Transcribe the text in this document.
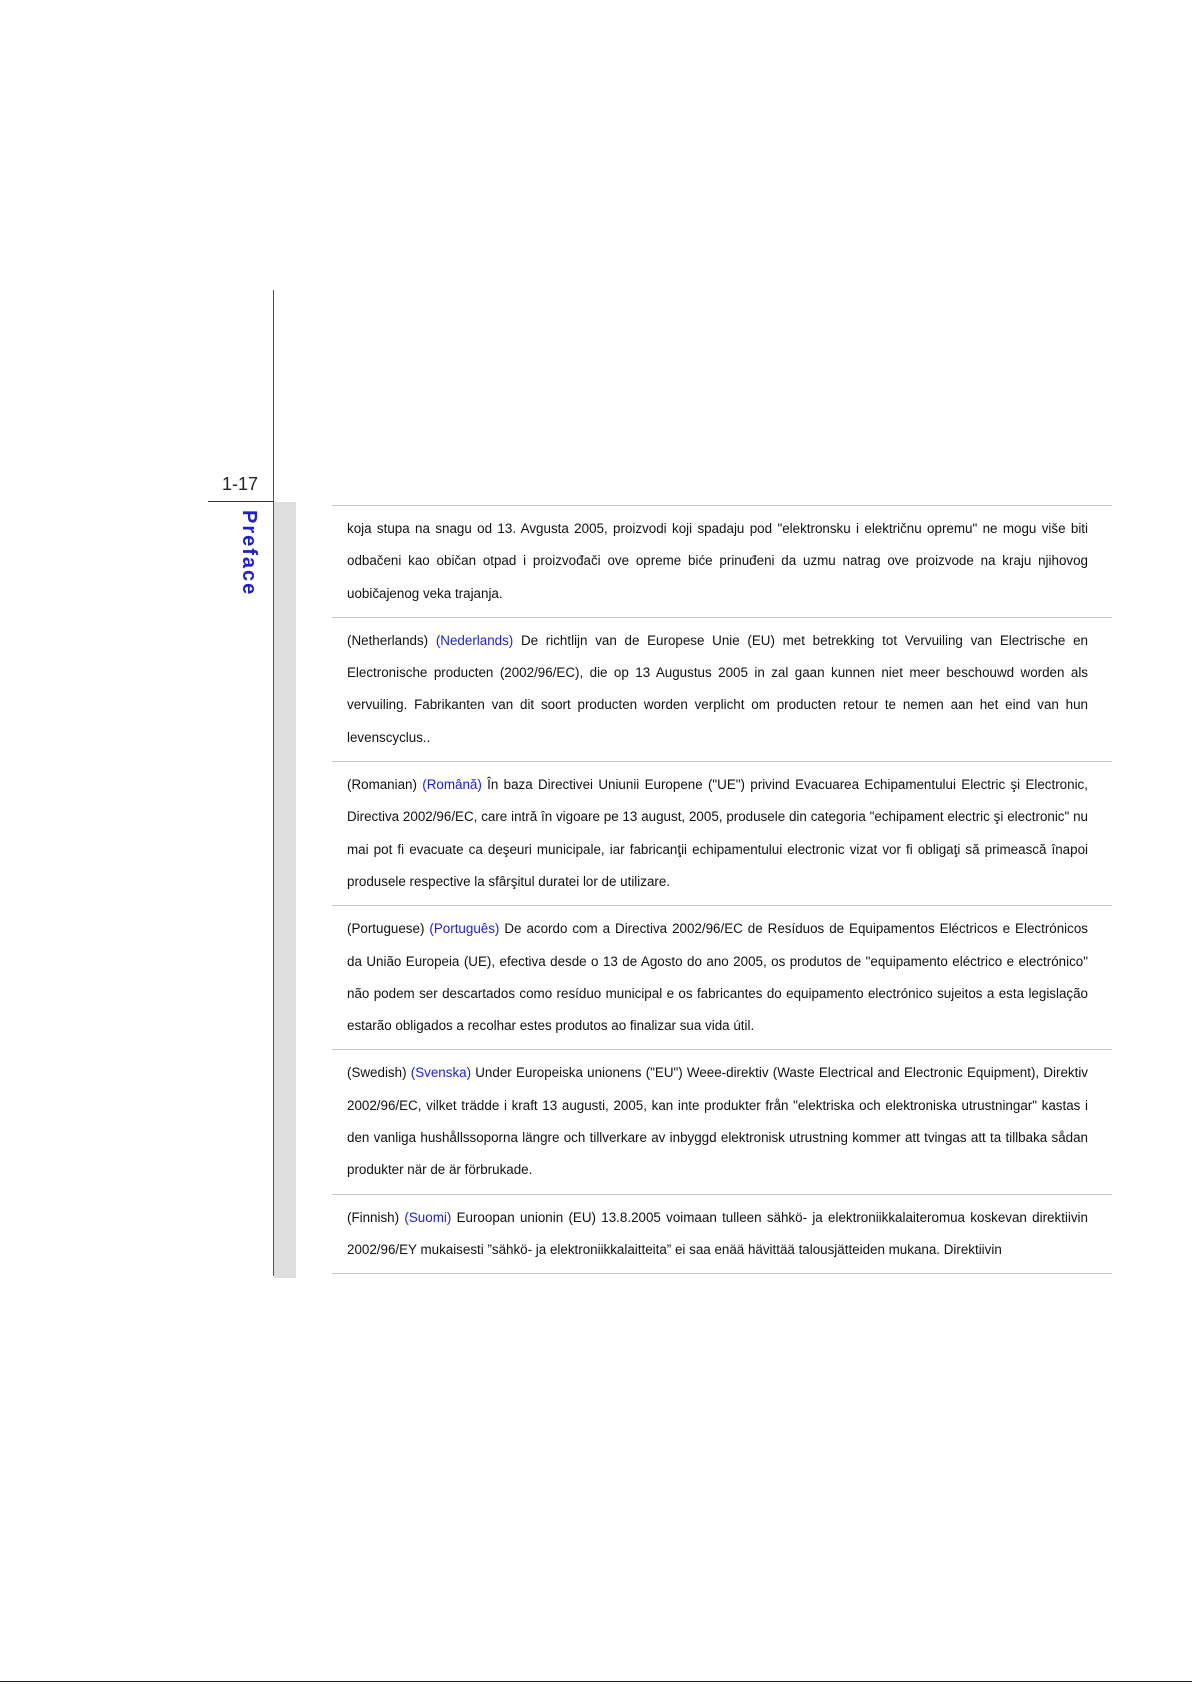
1-17
Preface	koja stupa na snagu od 13. Avgusta 2005, proizvodi koji spadaju pod "elektronsku i električnu opremu" ne mogu više biti odbačeni kao običan otpad i proizvođači ove opreme biće prinuđeni da uzmu natrag ove proizvode na kraju njihovog uobičajenog veka trajanja.

(Netherlands) (Nederlands) De richtlijn van de Europese Unie (EU) met betrekking tot Vervuiling van Electrische en Electronische producten (2002/96/EC), die op 13 Augustus 2005 in zal gaan kunnen niet meer beschouwd worden als vervuiling. Fabrikanten van dit soort producten worden verplicht om producten retour te nemen aan het eind van hun levenscyclus..

(Romanian) (Română) În baza Directivei Uniunii Europene ("UE") privind Evacuarea Echipamentului Electric şi Electronic, Directiva 2002/96/EC, care intră în vigoare pe 13 august, 2005, produsele din categoria "echipament electric şi electronic" nu mai pot fi evacuate ca deşeuri municipale, iar fabricanţii echipamentului electronic vizat vor fi obligaţi să primească înapoi produsele respective la sfârşitul duratei lor de utilizare.

(Portuguese) (Português) De acordo com a Directiva 2002/96/EC de Resíduos de Equipamentos Eléctricos e Electrónicos da União Europeia (UE), efectiva desde o 13 de Agosto do ano 2005, os produtos de "equipamento eléctrico e electrónico" não podem ser descartados como resíduo municipal e os fabricantes do equipamento electrónico sujeitos a esta legislação estarão obligados a recolhar estes produtos ao finalizar sua vida útil.

(Swedish) (Svenska) Under Europeiska unionens ("EU") Weee-direktiv (Waste Electrical and Electronic Equipment), Direktiv 2002/96/EC, vilket trädde i kraft 13 augusti, 2005, kan inte produkter från "elektriska och elektroniska utrustningar" kastas i den vanliga hushållssoporna längre och tillverkare av inbyggd elektronisk utrustning kommer att tvingas att ta tillbaka sådan produkter när de är förbrukade.

(Finnish) (Suomi) Euroopan unionin (EU) 13.8.2005 voimaan tulleen sähkö- ja elektroniikkalaiteromua koskevan direktiivin 2002/96/EY mukaisesti ”sähkö- ja elektroniikkalaitteita” ei saa enää hävittää talousjätteiden mukana. Direktiivin
